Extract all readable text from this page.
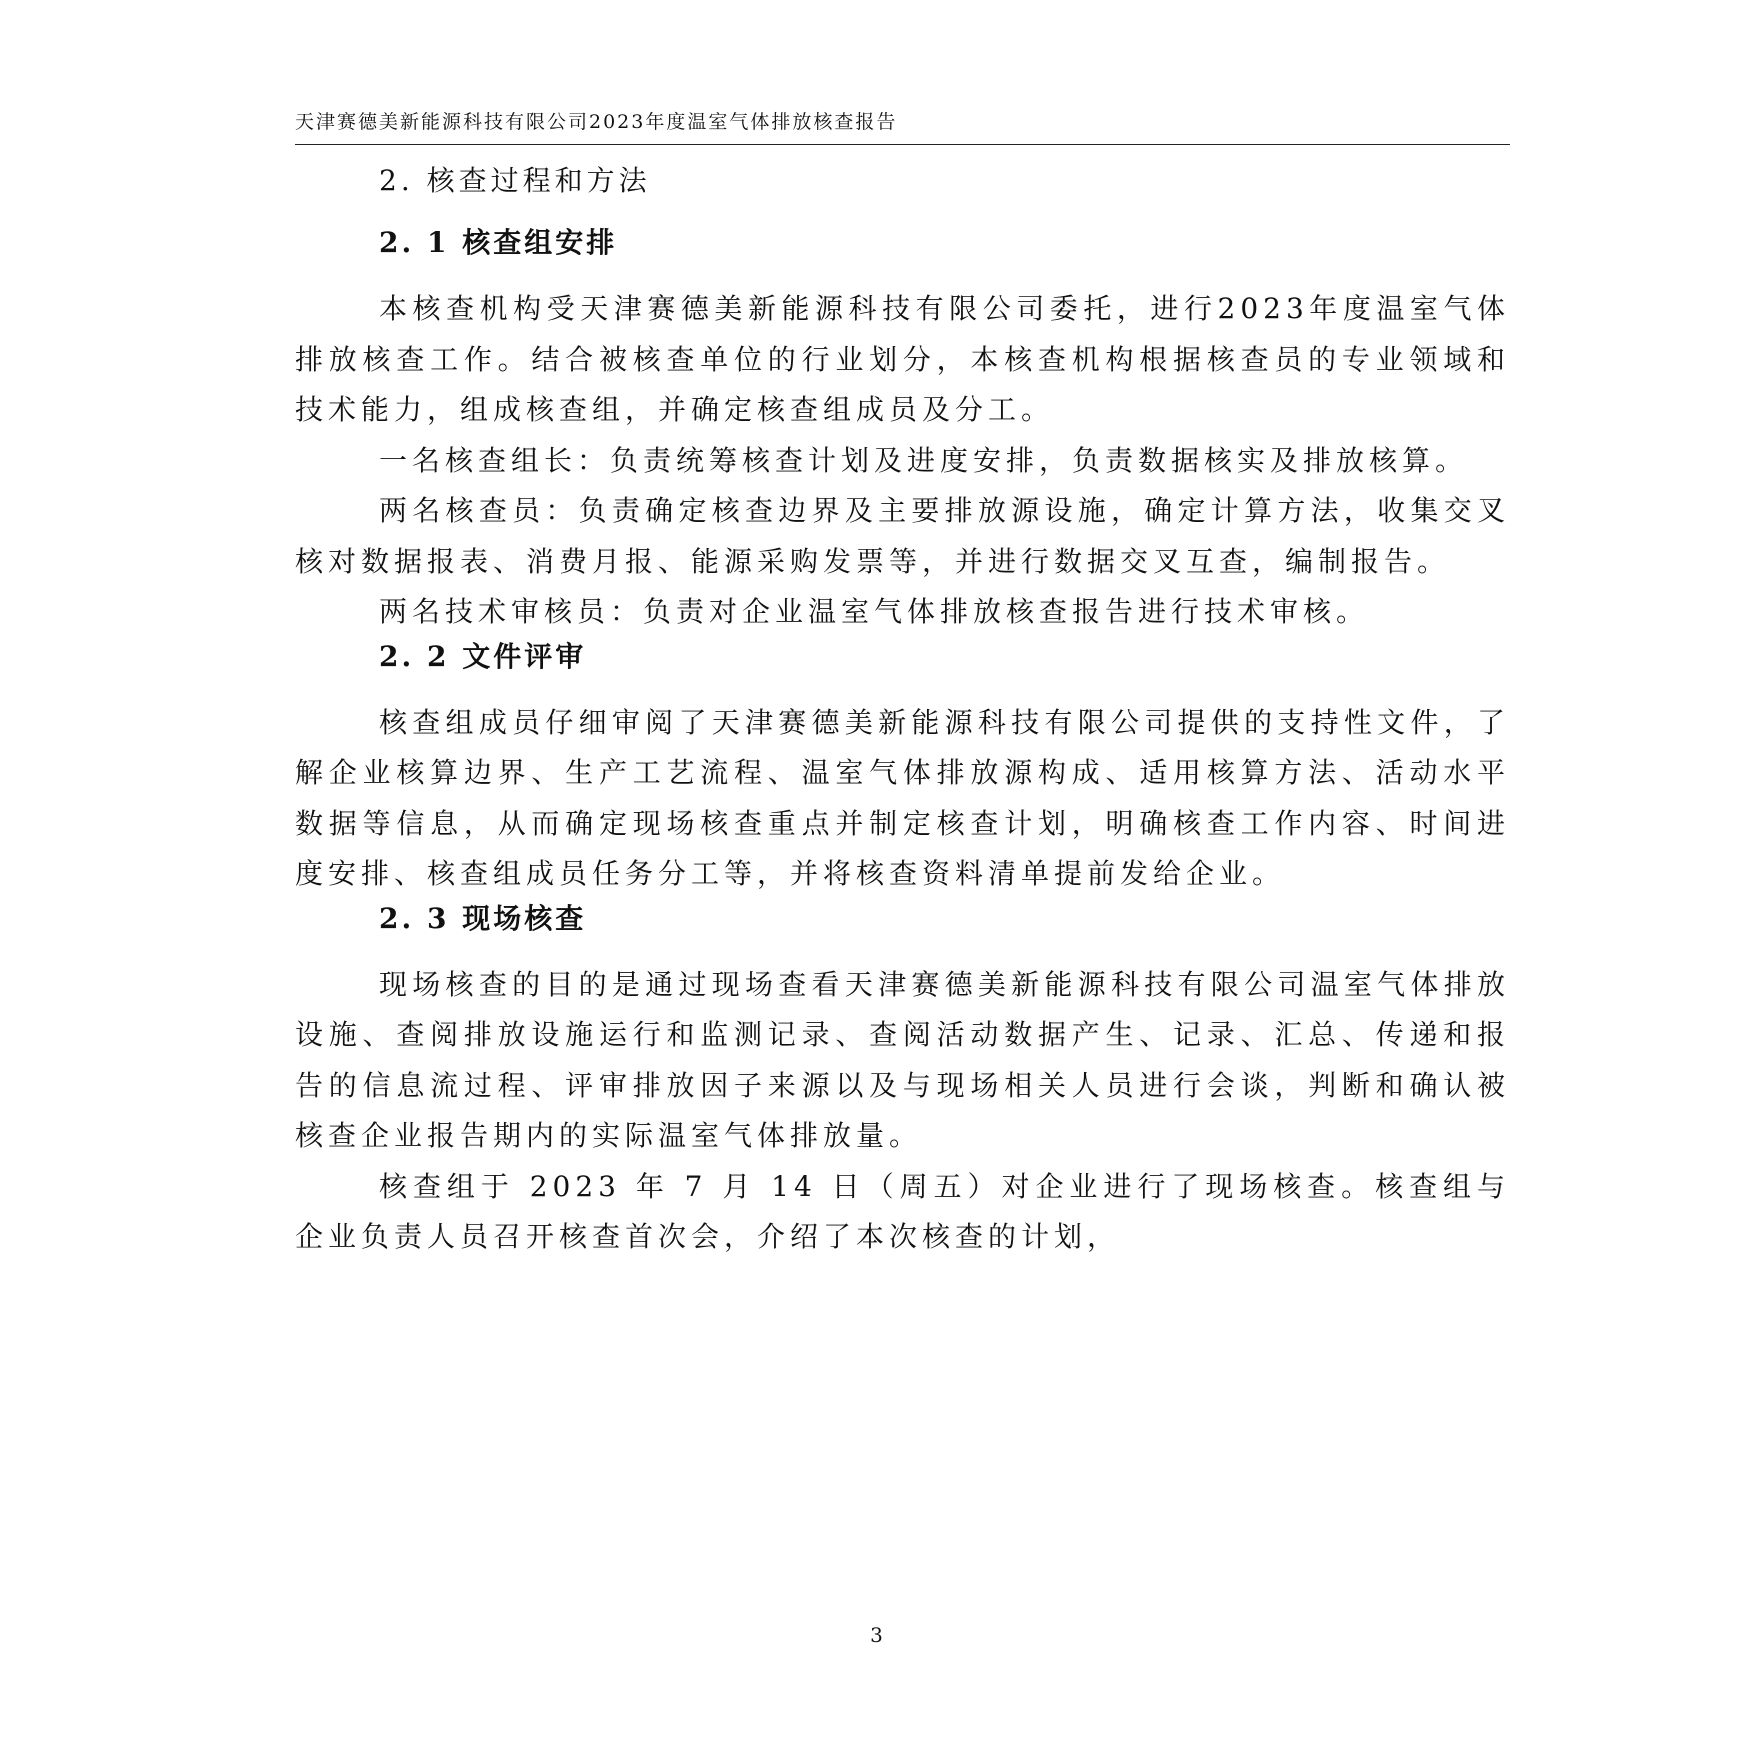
天津赛德美新能源科技有限公司2023年度温室气体排放核查报告
2. 核查过程和方法
2. 1 核查组安排

本核查机构受天津赛德美新能源科技有限公司委托，进行2023年度温室气体排放核查工作。结合被核查单位的行业划分，本核查机构根据核查员的专业领域和技术能力，组成核查组，并确定核查组成员及分工。

一名核查组长：负责统筹核查计划及进度安排，负责数据核实及排放核算。

两名核查员：负责确定核查边界及主要排放源设施，确定计算方法，收集交叉核对数据报表、消费月报、能源采购发票等，并进行数据交叉互查，编制报告。

两名技术审核员：负责对企业温室气体排放核查报告进行技术审核。

2. 2 文件评审

核查组成员仔细审阅了天津赛德美新能源科技有限公司提供的支持性文件，了解企业核算边界、生产工艺流程、温室气体排放源构成、适用核算方法、活动水平数据等信息，从而确定现场核查重点并制定核查计划，明确核查工作内容、时间进度安排、核查组成员任务分工等，并将核查资料清单提前发给企业。

2. 3 现场核查

现场核查的目的是通过现场查看天津赛德美新能源科技有限公司温室气体排放设施、查阅排放设施运行和监测记录、查阅活动数据产生、记录、汇总、传递和报告的信息流过程、评审排放因子来源以及与现场相关人员进行会谈，判断和确认被核查企业报告期内的实际温室气体排放量。

核查组于 2023 年 7 月 14 日（周五）对企业进行了现场核查。核查组与企业负责人员召开核查首次会，介绍了本次核查的计划，

3
